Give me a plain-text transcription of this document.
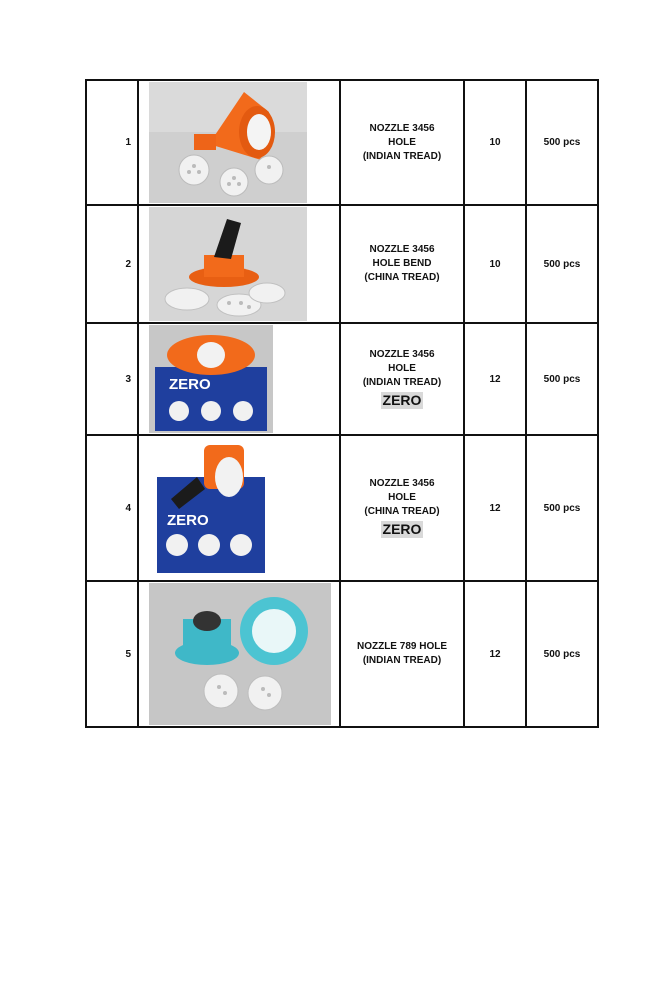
1		NOZZLE 3456
HOLE
(INDIAN TREAD)	10	500 pcs
2		NOZZLE 3456
HOLE BEND
(CHINA TREAD)	10	500 pcs
3	ZERO	NOZZLE 3456
HOLE
(INDIAN TREAD)
ZERO	12	500 pcs
4	ZERO	NOZZLE 3456
HOLE
(CHINA TREAD)
ZERO	12	500 pcs
5		NOZZLE 789 HOLE
(INDIAN TREAD)	12	500 pcs
